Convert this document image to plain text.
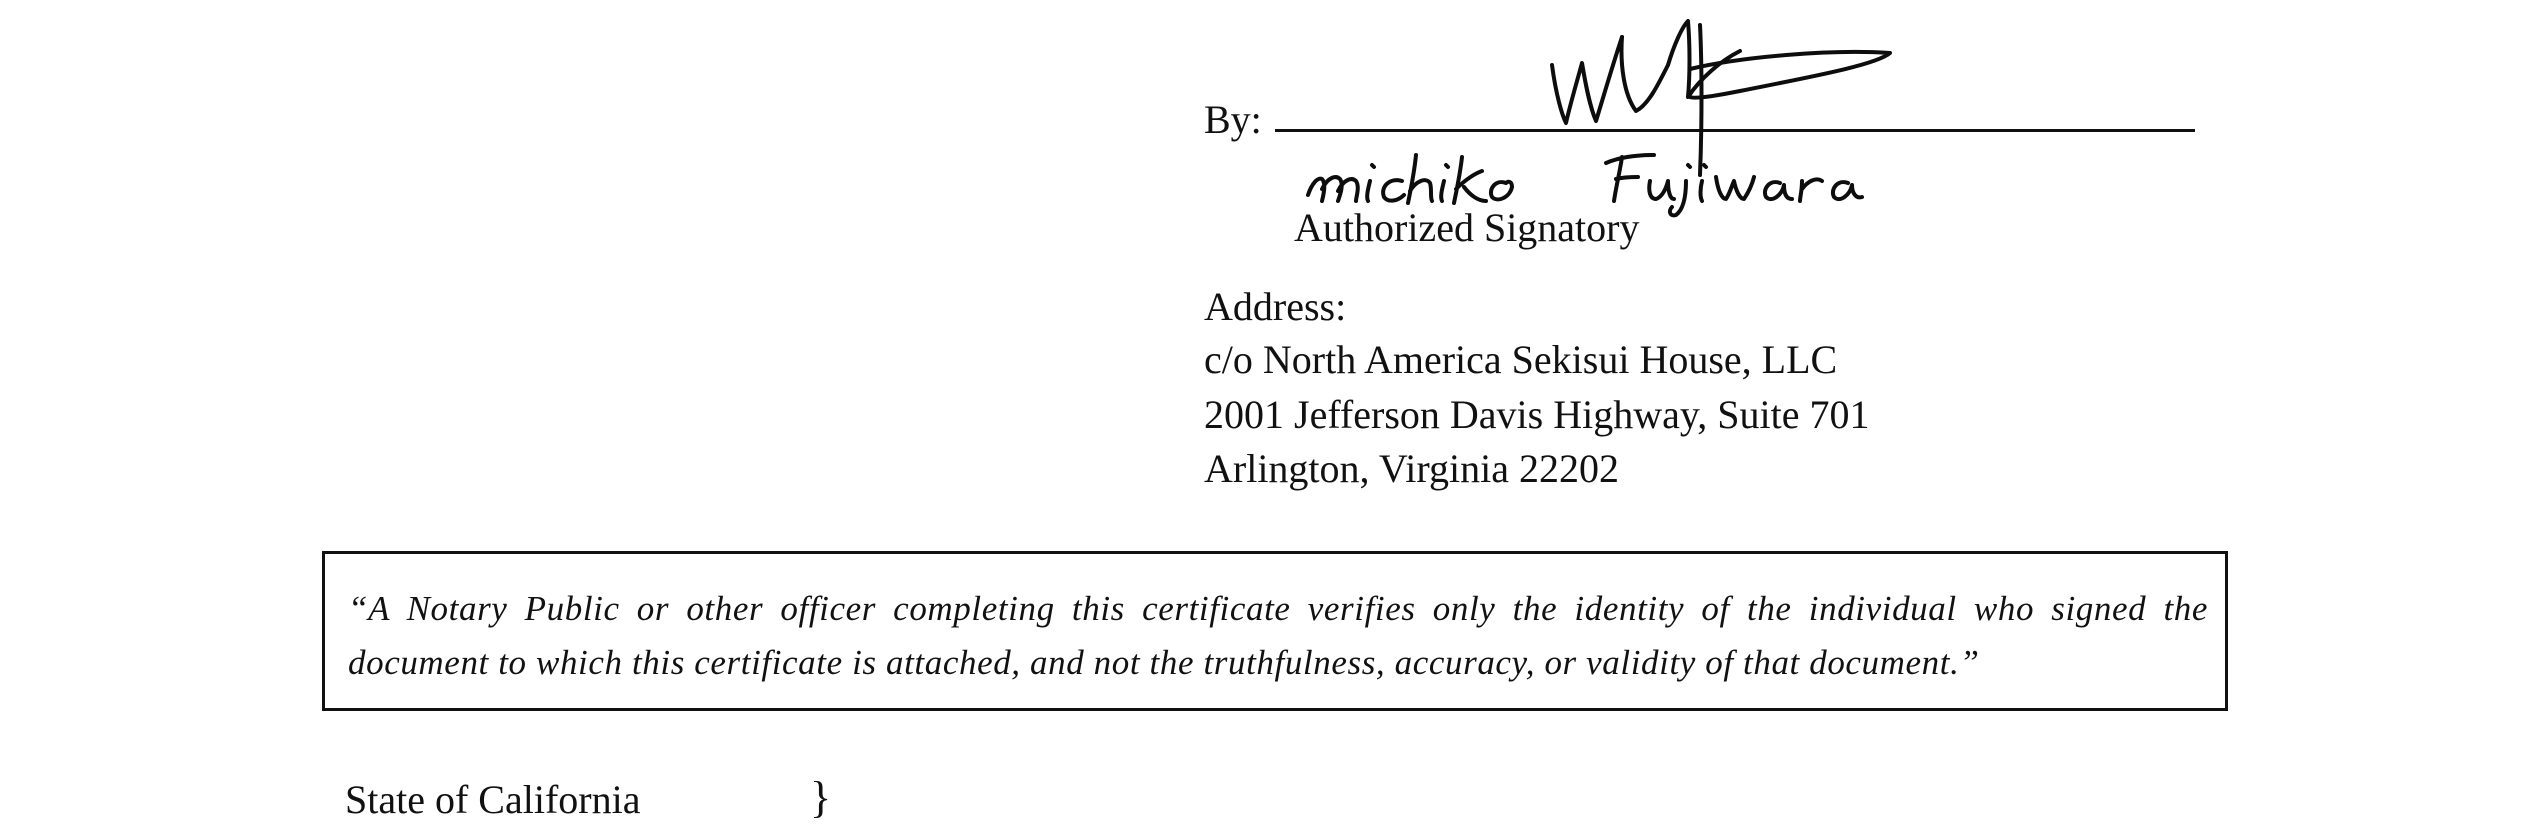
By:
Authorized Signatory
Address:
c/o North America Sekisui House, LLC
2001 Jefferson Davis Highway, Suite 701
Arlington, Virginia 22202
“A Notary Public or other officer completing this certificate verifies only the identity of the individual who signed the document to which this certificate is attached, and not the truthfulness, accuracy, or validity of that document.”
State of California	}
